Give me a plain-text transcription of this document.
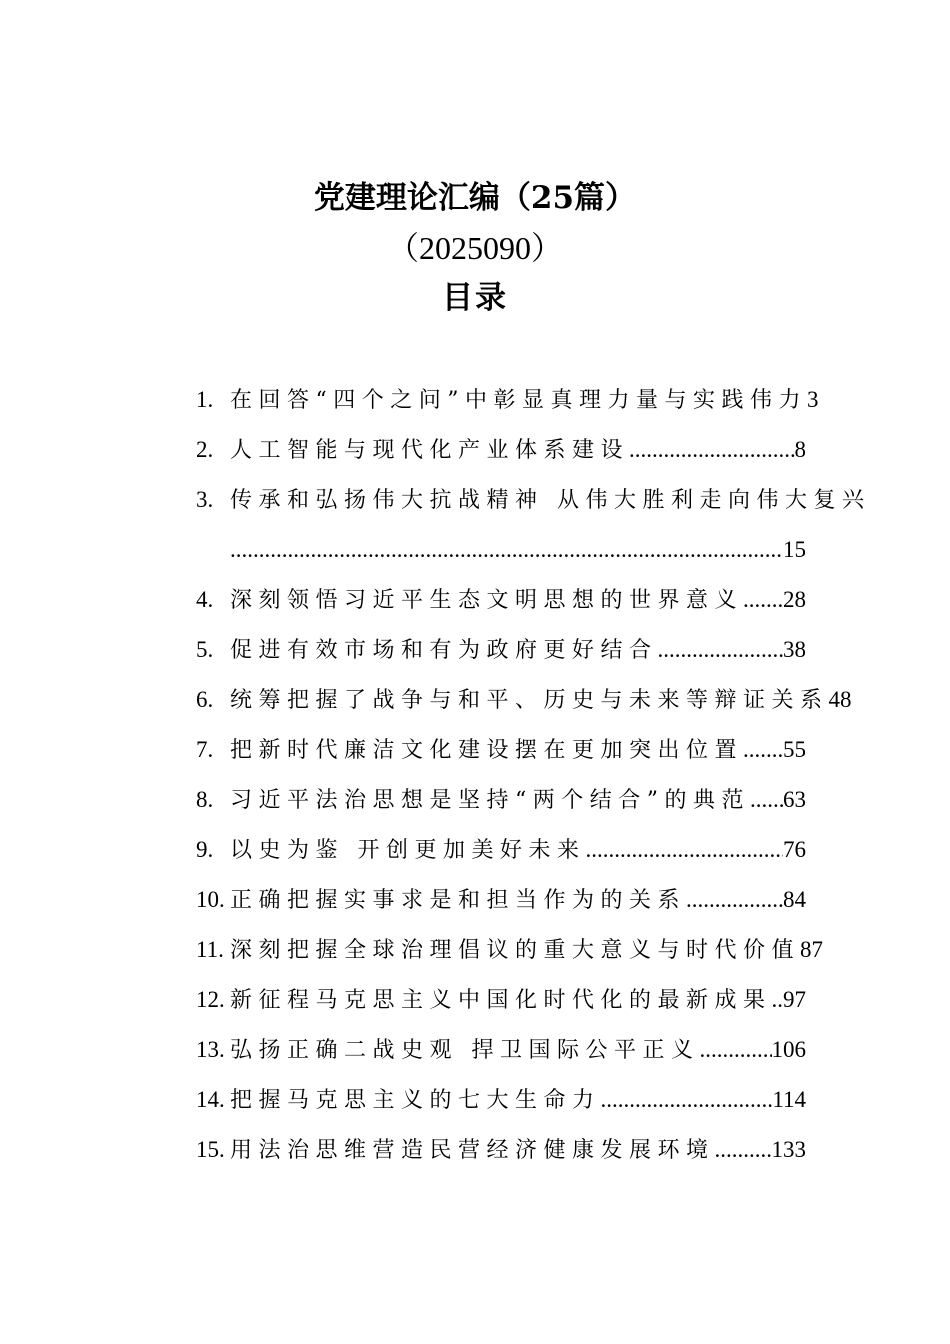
党建理论汇编（25篇）
（2025090）
目录
1. 在回答“四个之问”中彰显真理力量与实践伟力 3
2. 人工智能与现代化产业体系建设 .....	8
3. 传承和弘扬伟大抗战精神 从伟大胜利走向伟大复兴
.....
15
4. 深刻领悟习近平生态文明思想的世界意义 ..... 28
5. 促进有效市场和有为政府更好结合 .....	38
6. 统筹把握了战争与和平、历史与未来等辩证关系 48
7. 把新时代廉洁文化建设摆在更加突出位置 ..... 55
8. 习近平法治思想是坚持“两个结合”的典范 ..... 63
9. 以史为鉴 开创更加美好未来 .....	76
10. 正确把握实事求是和担当作为的关系 .....	84
11. 深刻把握全球治理倡议的重大意义与时代价值 87
12. 新征程马克思主义中国化时代化的最新成果 ..... 97
13. 弘扬正确二战史观 捍卫国际公平正义 .....	106
14. 把握马克思主义的七大生命力 .....	114
15. 用法治思维营造民营经济健康发展环境 ..... 133
